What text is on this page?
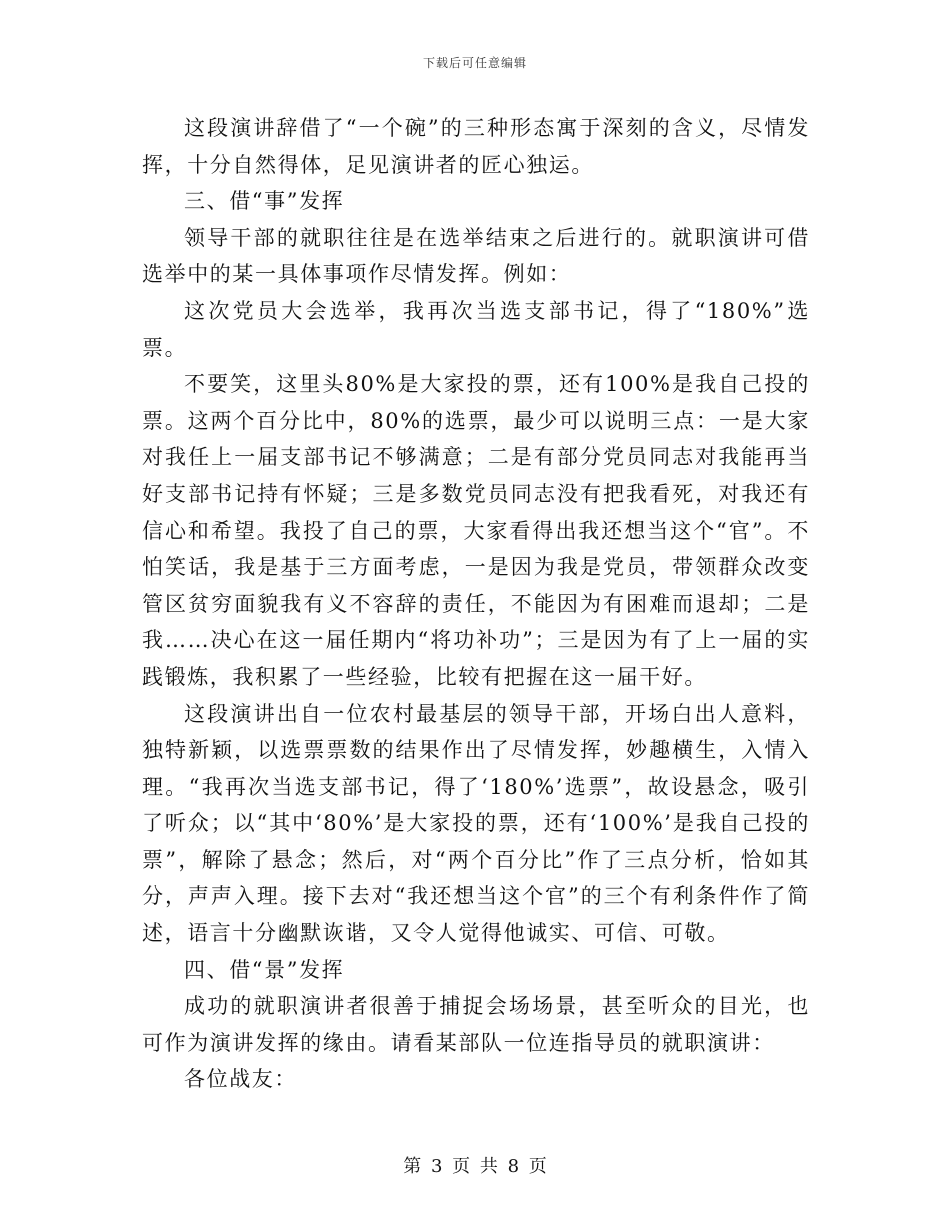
下载后可任意编辑

这段演讲辞借了“一个碗”的三种形态寓于深刻的含义，尽情发挥，十分自然得体，足见演讲者的匠心独运。

三、借“事”发挥

领导干部的就职往往是在选举结束之后进行的。就职演讲可借选举中的某一具体事项作尽情发挥。例如：

这次党员大会选举，我再次当选支部书记，得了“180%”选票。

不要笑，这里头80%是大家投的票，还有100%是我自己投的票。这两个百分比中，80%的选票，最少可以说明三点：一是大家对我任上一届支部书记不够满意；二是有部分党员同志对我能再当好支部书记持有怀疑；三是多数党员同志没有把我看死，对我还有信心和希望。我投了自己的票，大家看得出我还想当这个“官”。不怕笑话，我是基于三方面考虑，一是因为我是党员，带领群众改变管区贫穷面貌我有义不容辞的责任，不能因为有困难而退却；二是我……决心在这一届任期内“将功补功”；三是因为有了上一届的实践锻炼，我积累了一些经验，比较有把握在这一届干好。

这段演讲出自一位农村最基层的领导干部，开场白出人意料，独特新颖，以选票票数的结果作出了尽情发挥，妙趣横生，入情入理。“我再次当选支部书记，得了‘180%’选票”，故设悬念，吸引了听众；以“其中‘80%’是大家投的票，还有‘100%’是我自己投的票”，解除了悬念；然后，对“两个百分比”作了三点分析，恰如其分，声声入理。接下去对“我还想当这个官”的三个有利条件作了简述，语言十分幽默诙谐，又令人觉得他诚实、可信、可敬。

四、借“景”发挥

成功的就职演讲者很善于捕捉会场场景，甚至听众的目光，也可作为演讲发挥的缘由。请看某部队一位连指导员的就职演讲：

各位战友：

第 3 页 共 8 页
